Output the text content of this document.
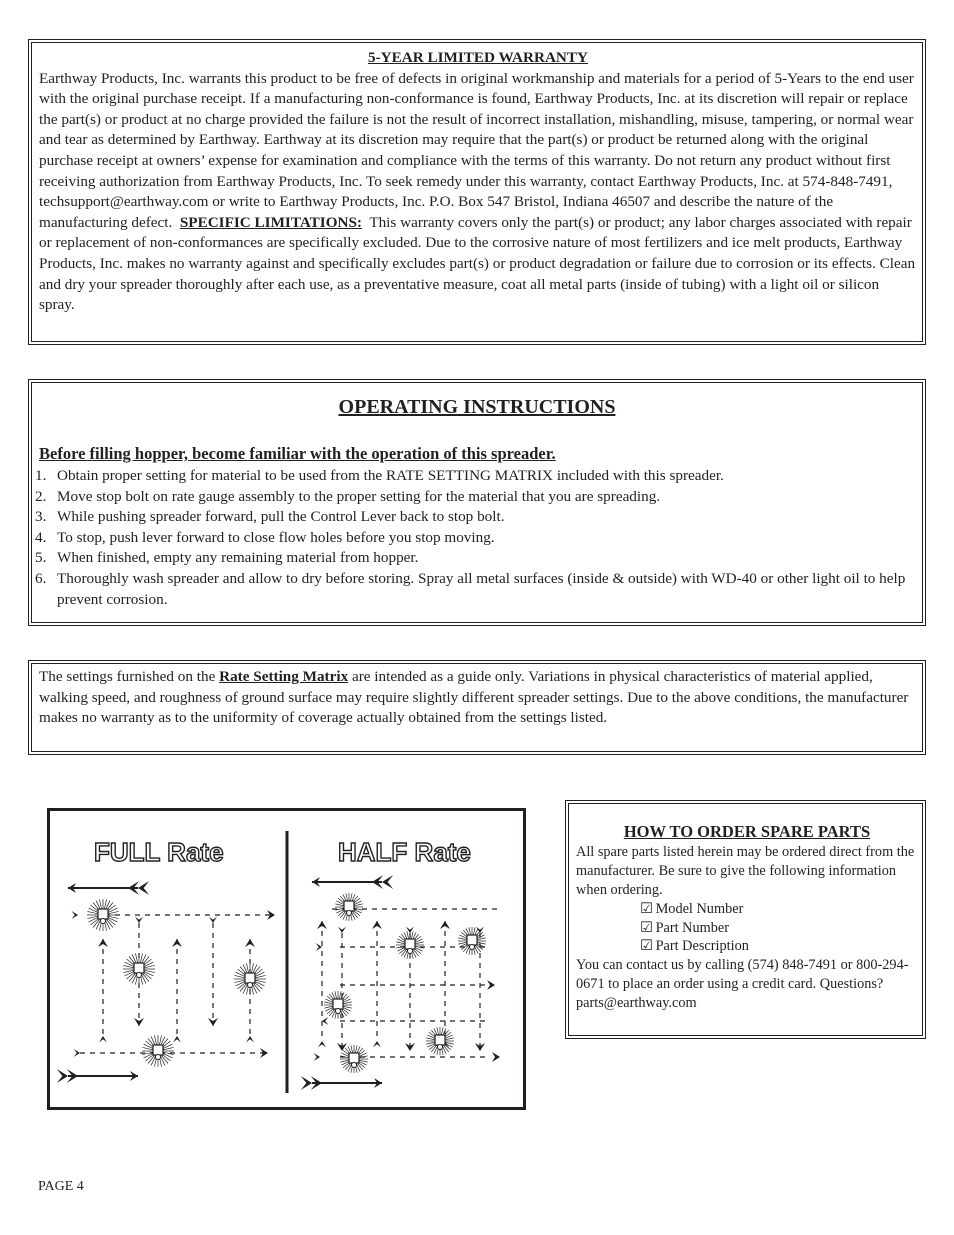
5-YEAR LIMITED WARRANTY
Earthway Products, Inc. warrants this product to be free of defects in original workmanship and materials for a period of 5-Years to the end user with the original purchase receipt. If a manufacturing non-conformance is found, Earthway Products, Inc. at its discretion will repair or replace the part(s) or product at no charge provided the failure is not the result of incorrect installation, mishandling, misuse, tampering, or normal wear and tear as determined by Earthway. Earthway at its discretion may require that the part(s) or product be returned along with the original purchase receipt at owners’ expense for examination and compliance with the terms of this warranty. Do not return any product without first receiving authorization from Earthway Products, Inc. To seek remedy under this warranty, contact Earthway Products, Inc. at 574-848-7491, techsupport@earthway.com or write to Earthway Products, Inc. P.O. Box 547 Bristol, Indiana 46507 and describe the nature of the manufacturing defect. SPECIFIC LIMITATIONS: This warranty covers only the part(s) or product; any labor charges associated with repair or replacement of non-conformances are specifically excluded. Due to the corrosive nature of most fertilizers and ice melt products, Earthway Products, Inc. makes no warranty against and specifically excludes part(s) or product degradation or failure due to corrosion or its effects. Clean and dry your spreader thoroughly after each use, as a preventative measure, coat all metal parts (inside of tubing) with a light oil or silicon spray.
OPERATING INSTRUCTIONS
Before filling hopper, become familiar with the operation of this spreader.
1. Obtain proper setting for material to be used from the RATE SETTING MATRIX included with this spreader.
2. Move stop bolt on rate gauge assembly to the proper setting for the material that you are spreading.
3. While pushing spreader forward, pull the Control Lever back to stop bolt.
4. To stop, push lever forward to close flow holes before you stop moving.
5. When finished, empty any remaining material from hopper.
6. Thoroughly wash spreader and allow to dry before storing. Spray all metal surfaces (inside & outside) with WD-40 or other light oil to help prevent corrosion.
The settings furnished on the Rate Setting Matrix are intended as a guide only. Variations in physical characteristics of material applied, walking speed, and roughness of ground surface may require slightly different spreader settings. Due to the above conditions, the manufacturer makes no warranty as to the uniformity of coverage actually obtained from the settings listed.
FULL Rate	HALF Rate
HOW TO ORDER SPARE PARTS
All spare parts listed herein may be ordered direct from the manufacturer. Be sure to give the following information when ordering.
☑ Model Number
☑ Part Number
☑ Part Description
You can contact us by calling (574) 848-7491 or 800-294-0671 to place an order using a credit card. Questions? parts@earthway.com
PAGE 4
